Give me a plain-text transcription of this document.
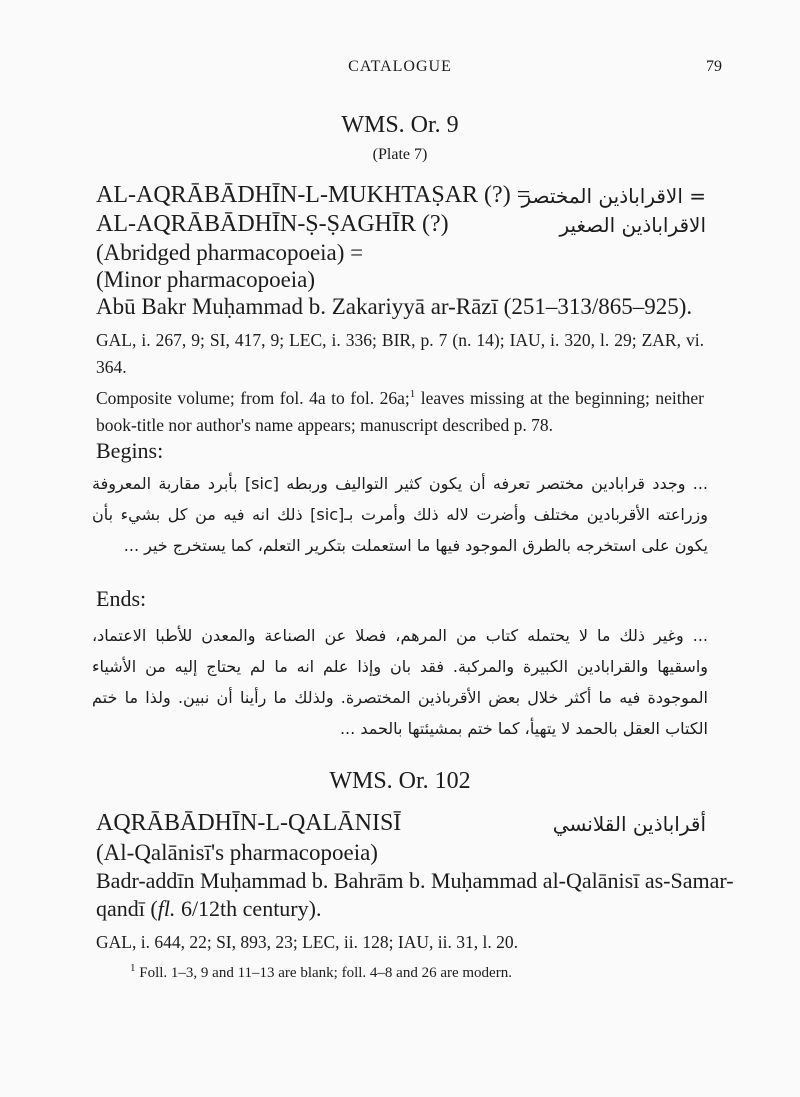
CATALOGUE	79
WMS. Or. 9
(Plate 7)
AL-AQRĀBĀDHĪN-L-MUKHTAṢAR (?) =
= الاقراباذين المختصر
AL-AQRĀBĀDHĪN-Ṣ-ṢAGHĪR (?)	الاقراباذين الصغير
(Abridged pharmacopoeia) =
(Minor pharmacopoeia)
Abū Bakr Muḥammad b. Zakariyyā ar-Rāzī (251–313/865–925).
GAL, i. 267, 9; SI, 417, 9; LEC, i. 336; BIR, p. 7 (n. 14); IAU, i. 320, l. 29; ZAR, vi. 364.
Composite volume; from fol. 4a to fol. 26a;$^1$ leaves missing at the beginning; neither book-title nor author's name appears; manuscript described p. 78.
Begins:
... وجدد قرابادين مختصر تعرفه أن يكون كثير التواليف وربطه [sic] بأبرد مقاربة المعروفة وزراعته الأقربادين مختلف وأضرت لاله ذلك وأمرت بـ[sic] ذلك انه فيه من كل بشيء بأن يكون على استخرجه بالطرق الموجود فيها ما استعملت بتكرير التعلم، كما يستخرج خير ...
Ends:
... وغير ذلك ما لا يحتمله كتاب من المرهم، فصلا عن الصناعة والمعدن للأطبا الاعتماد، واسقيها والقرابادين الكبيرة والمركبة. فقد بان وإذا علم انه ما لم يحتاج إليه من الأشياء الموجودة فيه ما أكثر خلال بعض الأقرباذين المختصرة. ولذلك ما رأينا أن نبين. ولذا ما ختم الكتاب العقل بالحمد لا يتهيأ، كما ختم بمشيئتها بالحمد ...
WMS. Or. 102
AQRĀBĀDHĪN-L-QALĀNISĪ	أقراباذين القلانسي
(Al-Qalānisī's pharmacopoeia)
Badr-addīn Muḥammad b. Bahrām b. Muḥammad al-Qalānisī as-Samar-
qandī (fl. 6/12th century).
GAL, i. 644, 22; SI, 893, 23; LEC, ii. 128; IAU, ii. 31, l. 20.
$^1$ Foll. 1–3, 9 and 11–13 are blank; foll. 4–8 and 26 are modern.
